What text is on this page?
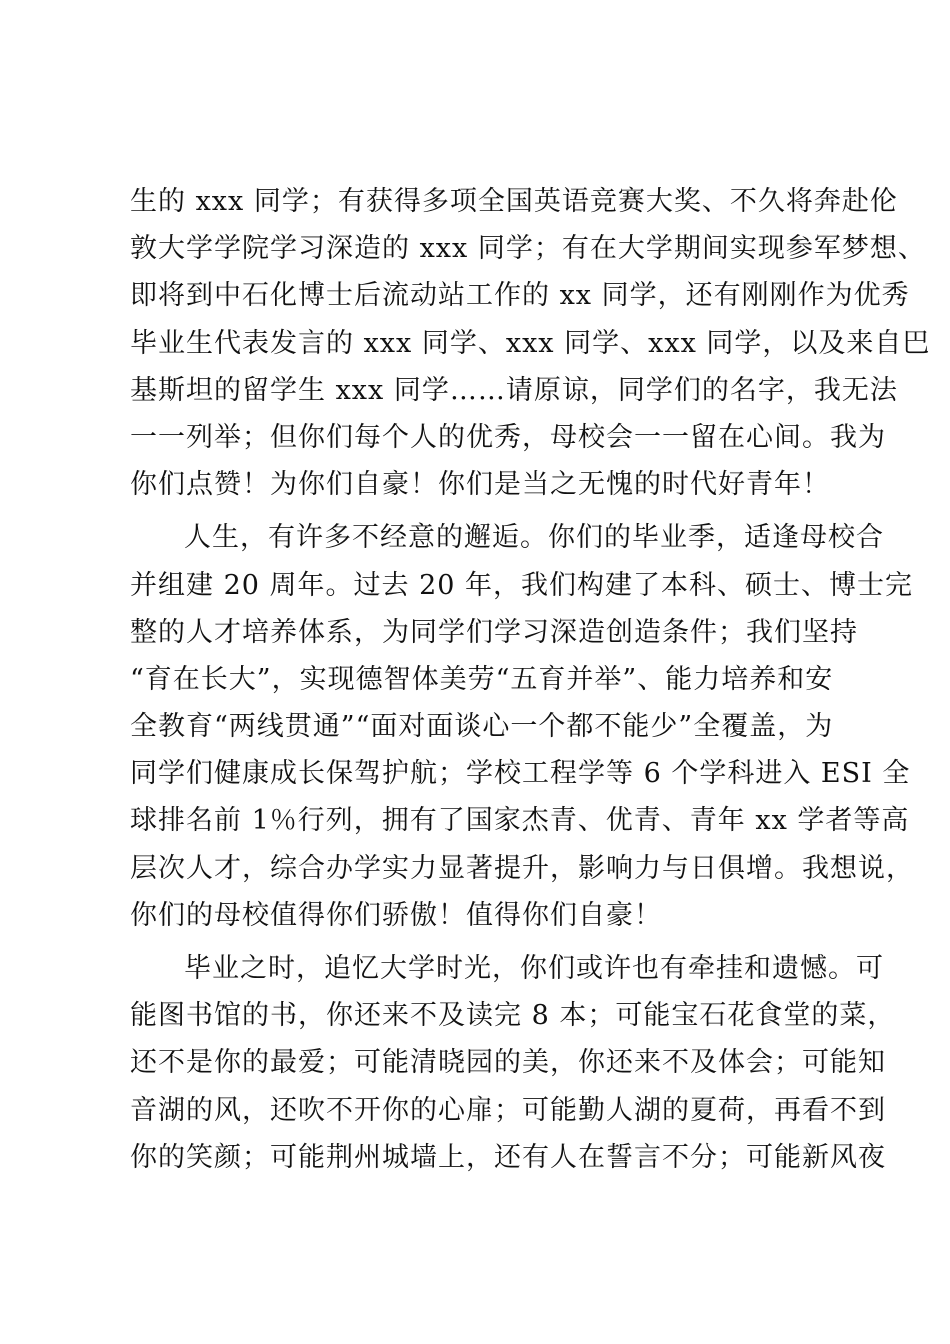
生的 xxx 同学；有获得多项全国英语竞赛大奖、不久将奔赴伦
敦大学学院学习深造的 xxx 同学；有在大学期间实现参军梦想、
即将到中石化博士后流动站工作的 xx 同学，还有刚刚作为优秀
毕业生代表发言的 xxx 同学、xxx 同学、xxx 同学，以及来自巴
基斯坦的留学生 xxx 同学……请原谅，同学们的名字，我无法
一一列举；但你们每个人的优秀，母校会一一留在心间。我为
你们点赞！为你们自豪！你们是当之无愧的时代好青年！
人生，有许多不经意的邂逅。你们的毕业季，适逢母校合
并组建 20 周年。过去 20 年，我们构建了本科、硕士、博士完
整的人才培养体系，为同学们学习深造创造条件；我们坚持
“育在长大”，实现德智体美劳“五育并举”、能力培养和安
全教育“两线贯通”“面对面谈心一个都不能少”全覆盖，为
同学们健康成长保驾护航；学校工程学等 6 个学科进入 ESI 全
球排名前 1％行列，拥有了国家杰青、优青、青年 xx 学者等高
层次人才，综合办学实力显著提升，影响力与日俱增。我想说，
你们的母校值得你们骄傲！值得你们自豪！
毕业之时，追忆大学时光，你们或许也有牵挂和遗憾。可
能图书馆的书，你还来不及读完 8 本；可能宝石花食堂的菜，
还不是你的最爱；可能清晓园的美，你还来不及体会；可能知
音湖的风，还吹不开你的心扉；可能勤人湖的夏荷，再看不到
你的笑颜；可能荆州城墙上，还有人在誓言不分；可能新风夜
